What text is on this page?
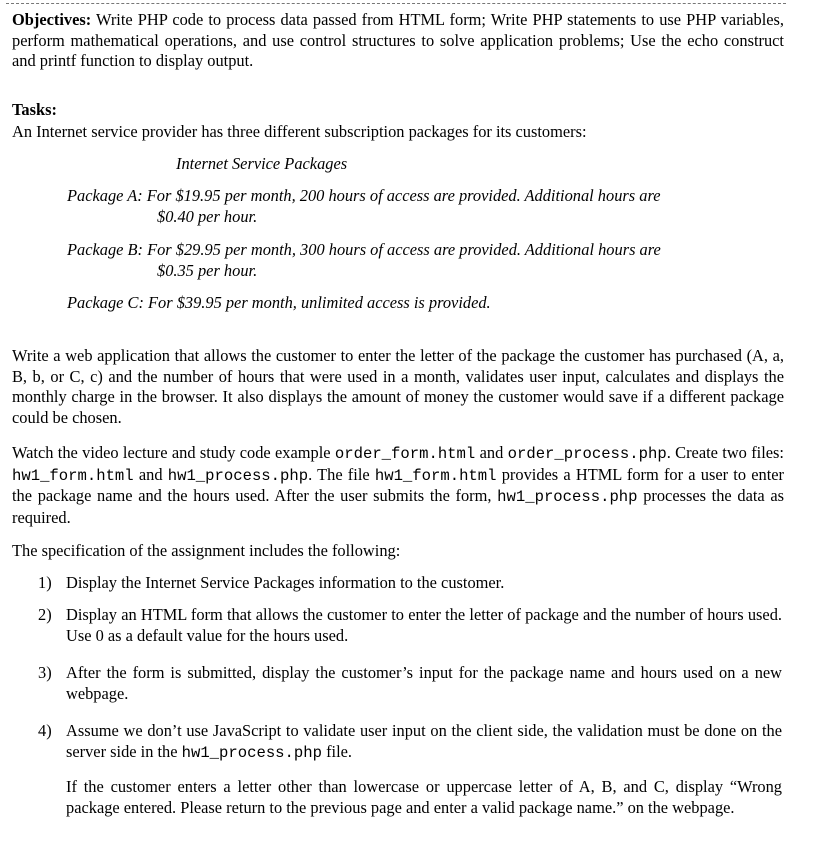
Objectives: Write PHP code to process data passed from HTML form; Write PHP statements to use PHP variables, perform mathematical operations, and use control structures to solve application problems; Use the echo construct and printf function to display output.

Tasks:
An Internet service provider has three different subscription packages for its customers:
Internet Service Packages
Package A: For $19.95 per month, 200 hours of access are provided. Additional hours are
$0.40 per hour.
Package B: For $29.95 per month, 300 hours of access are provided. Additional hours are
$0.35 per hour.
Package C: For $39.95 per month, unlimited access is provided.

Write a web application that allows the customer to enter the letter of the package the customer has purchased (A, a, B, b, or C, c) and the number of hours that were used in a month, validates user input, calculates and displays the monthly charge in the browser. It also displays the amount of money the customer would save if a different package could be chosen.

Watch the video lecture and study code example order_form.html and order_process.php. Create two files: hw1_form.html and hw1_process.php. The file hw1_form.html provides a HTML form for a user to enter the package name and the hours used. After the user submits the form, hw1_process.php processes the data as required.

The specification of the assignment includes the following:
1) Display the Internet Service Packages information to the customer.
2) Display an HTML form that allows the customer to enter the letter of package and the number of hours used. Use 0 as a default value for the hours used.
3) After the form is submitted, display the customer’s input for the package name and hours used on a new webpage.
4) Assume we don’t use JavaScript to validate user input on the client side, the validation must be done on the server side in the hw1_process.php file.
If the customer enters a letter other than lowercase or uppercase letter of A, B, and C, display “Wrong package entered. Please return to the previous page and enter a valid package name.” on the webpage.
